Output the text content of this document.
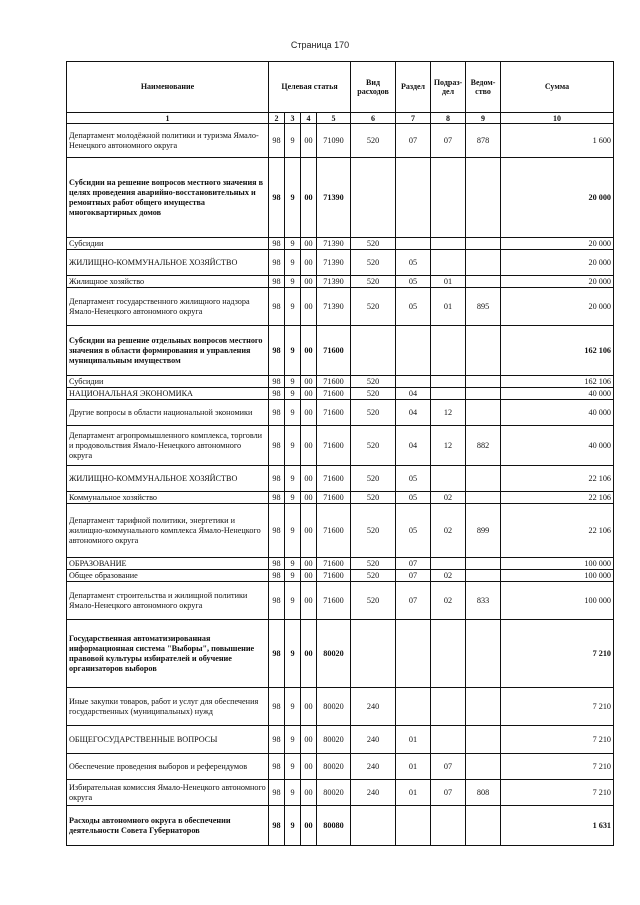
Страница 170
Наименование	Целевая статья				Вид расходов	Раздел	Подраз-дел	Ведом-ство	Сумма
1	2	3	4	5	6	7	8	9	10
Департамент молодёжной политики и туризма Ямало-Ненецкого автономного округа	98	9	00	71090	520	07	07	878	1 600
Субсидии на решение вопросов местного значения в целях проведения аварийно-восстановительных и ремонтных работ общего имущества многоквартирных домов	98	9	00	71390					20 000
Субсидии	98	9	00	71390	520				20 000
ЖИЛИЩНО-КОММУНАЛЬНОЕ ХОЗЯЙСТВО	98	9	00	71390	520	05			20 000
Жилищное хозяйство	98	9	00	71390	520	05	01		20 000
Департамент государственного жилищного надзора Ямало-Ненецкого автономного округа	98	9	00	71390	520	05	01	895	20 000
Субсидии на решение отдельных вопросов местного значения в области формирования и управления муниципальным имуществом	98	9	00	71600					162 106
Субсидии	98	9	00	71600	520				162 106
НАЦИОНАЛЬНАЯ ЭКОНОМИКА	98	9	00	71600	520	04			40 000
Другие вопросы в области национальной экономики	98	9	00	71600	520	04	12		40 000
Департамент агропромышленного комплекса, торговли и продовольствия Ямало-Ненецкого автономного округа	98	9	00	71600	520	04	12	882	40 000
ЖИЛИЩНО-КОММУНАЛЬНОЕ ХОЗЯЙСТВО	98	9	00	71600	520	05			22 106
Коммунальное хозяйство	98	9	00	71600	520	05	02		22 106
Департамент тарифной политики, энергетики и жилищно-коммунального комплекса Ямало-Ненецкого автономного округа	98	9	00	71600	520	05	02	899	22 106
ОБРАЗОВАНИЕ	98	9	00	71600	520	07			100 000
Общее образование	98	9	00	71600	520	07	02		100 000
Департамент строительства и жилищной политики Ямало-Ненецкого автономного округа	98	9	00	71600	520	07	02	833	100 000
Государственная автоматизированная информационная система "Выборы", повышение правовой культуры избирателей и обучение организаторов выборов	98	9	00	80020					7 210
Иные закупки товаров, работ и услуг для обеспечения государственных (муниципальных) нужд	98	9	00	80020	240				7 210
ОБЩЕГОСУДАРСТВЕННЫЕ ВОПРОСЫ	98	9	00	80020	240	01			7 210
Обеспечение проведения выборов и референдумов	98	9	00	80020	240	01	07		7 210
Избирательная комиссия Ямало-Ненецкого автономного округа	98	9	00	80020	240	01	07	808	7 210
Расходы автономного округа в обеспечении деятельности Совета Губернаторов	98	9	00	80080					1 631
